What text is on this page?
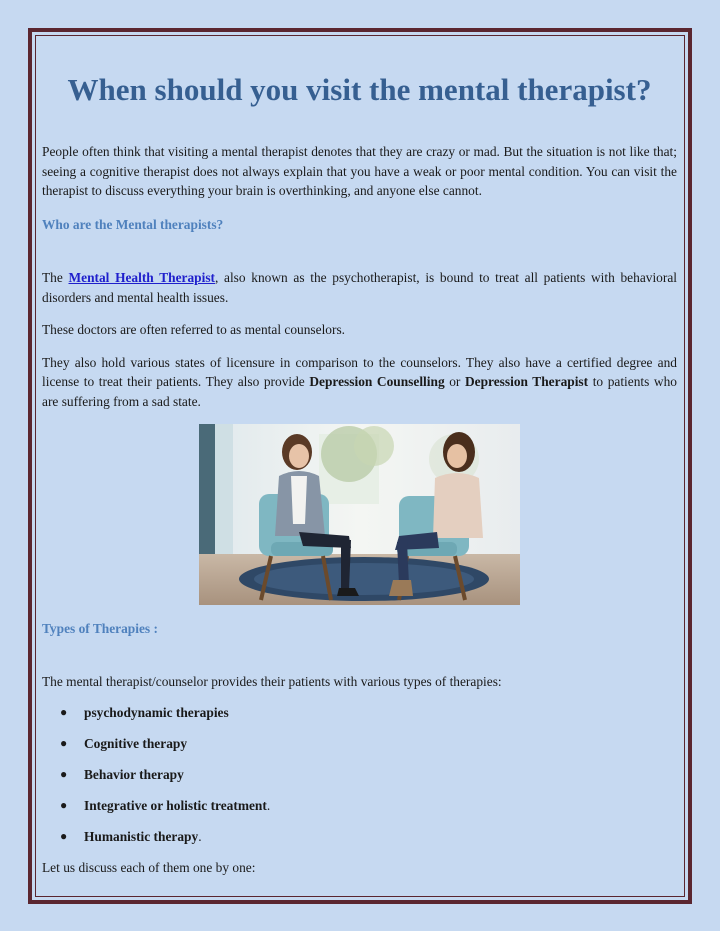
When should you visit the mental therapist?

People often think that visiting a mental therapist denotes that they are crazy or mad. But the situation is not like that; seeing a cognitive therapist does not always explain that you have a weak or poor mental condition. You can visit the therapist to discuss everything your brain is overthinking, and anyone else cannot.

Who are the Mental therapists?

The Mental Health Therapist, also known as the psychotherapist, is bound to treat all patients with behavioral disorders and mental health issues.

These doctors are often referred to as mental counselors.

They also hold various states of licensure in comparison to the counselors. They also have a certified degree and license to treat their patients. They also provide Depression Counselling or Depression Therapist to patients who are suffering from a sad state.

Types of Therapies :

The mental therapist/counselor provides their patients with various types of therapies:

● psychodynamic therapies
● Cognitive therapy
● Behavior therapy
● Integrative or holistic treatment.
● Humanistic therapy.

Let us discuss each of them one by one:
